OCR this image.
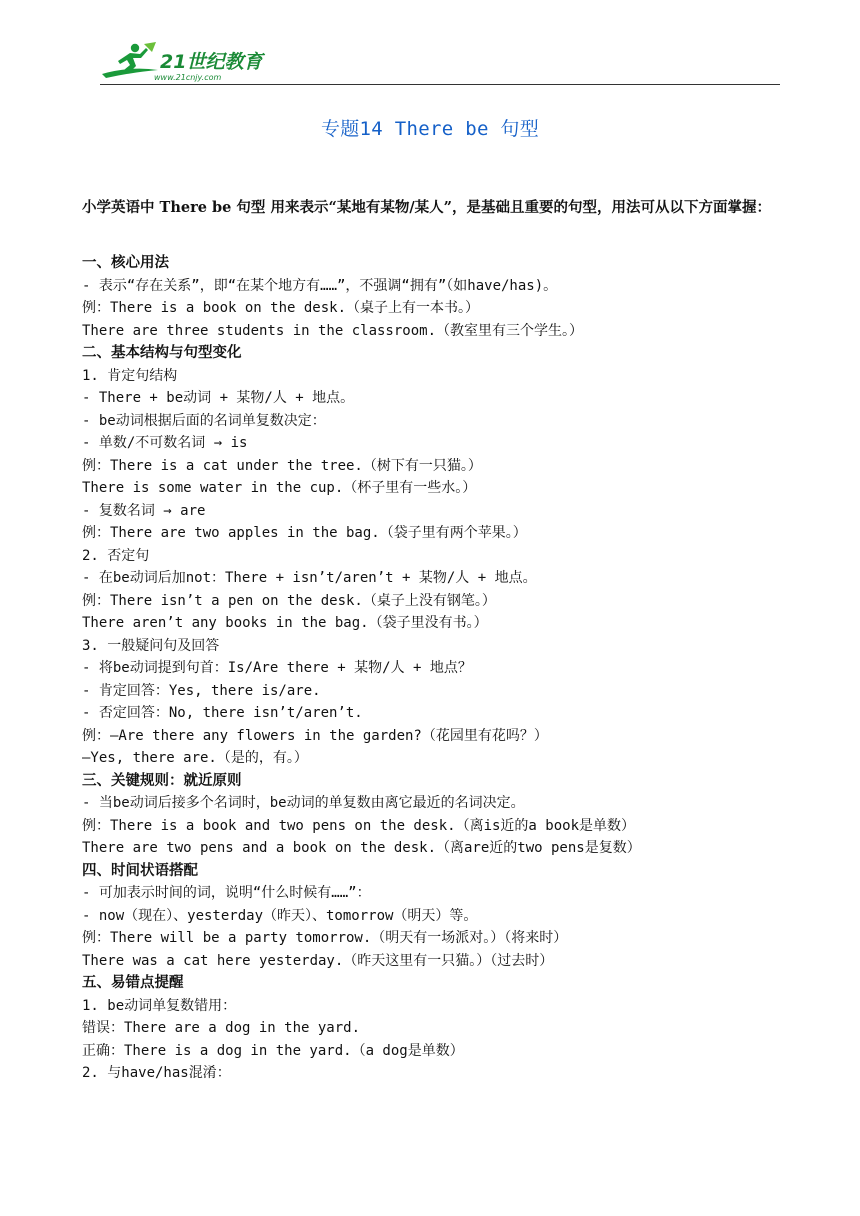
21世纪教育
www.21cnjy.com
专题14 There be 句型

小学英语中 There be 句型 用来表示“某地有某物/某人”，是基础且重要的句型，用法可从以下方面掌握：

一、核心用法
- 表示“存在关系”，即“在某个地方有……”，不强调“拥有”（如have/has)。
例：There is a book on the desk.（桌子上有一本书。）
There are three students in the classroom.（教室里有三个学生。）
二、基本结构与句型变化
1. 肯定句结构
- There + be动词 + 某物/人 + 地点。
- be动词根据后面的名词单复数决定：
- 单数/不可数名词 → is
例：There is a cat under the tree.（树下有一只猫。）
There is some water in the cup.（杯子里有一些水。）
- 复数名词 → are
例：There are two apples in the bag.（袋子里有两个苹果。）
2. 否定句
- 在be动词后加not：There + isn’t/aren’t + 某物/人 + 地点。
例：There isn’t a pen on the desk.（桌子上没有钢笔。）
There aren’t any books in the bag.（袋子里没有书。）
3. 一般疑问句及回答
- 将be动词提到句首：Is/Are there + 某物/人 + 地点？
- 肯定回答：Yes, there is/are.
- 否定回答：No, there isn’t/aren’t.
例：—Are there any flowers in the garden?（花园里有花吗？）
—Yes, there are.（是的，有。）
三、关键规则：就近原则
- 当be动词后接多个名词时，be动词的单复数由离它最近的名词决定。
例：There is a book and two pens on the desk.（离is近的a book是单数）
There are two pens and a book on the desk.（离are近的two pens是复数）
四、时间状语搭配
- 可加表示时间的词，说明“什么时候有……”：
- now（现在）、yesterday（昨天）、tomorrow（明天）等。
例：There will be a party tomorrow.（明天有一场派对。）（将来时）
There was a cat here yesterday.（昨天这里有一只猫。）（过去时）
五、易错点提醒
1. be动词单复数错用：
错误：There are a dog in the yard.
正确：There is a dog in the yard.（a dog是单数）
2. 与have/has混淆：
